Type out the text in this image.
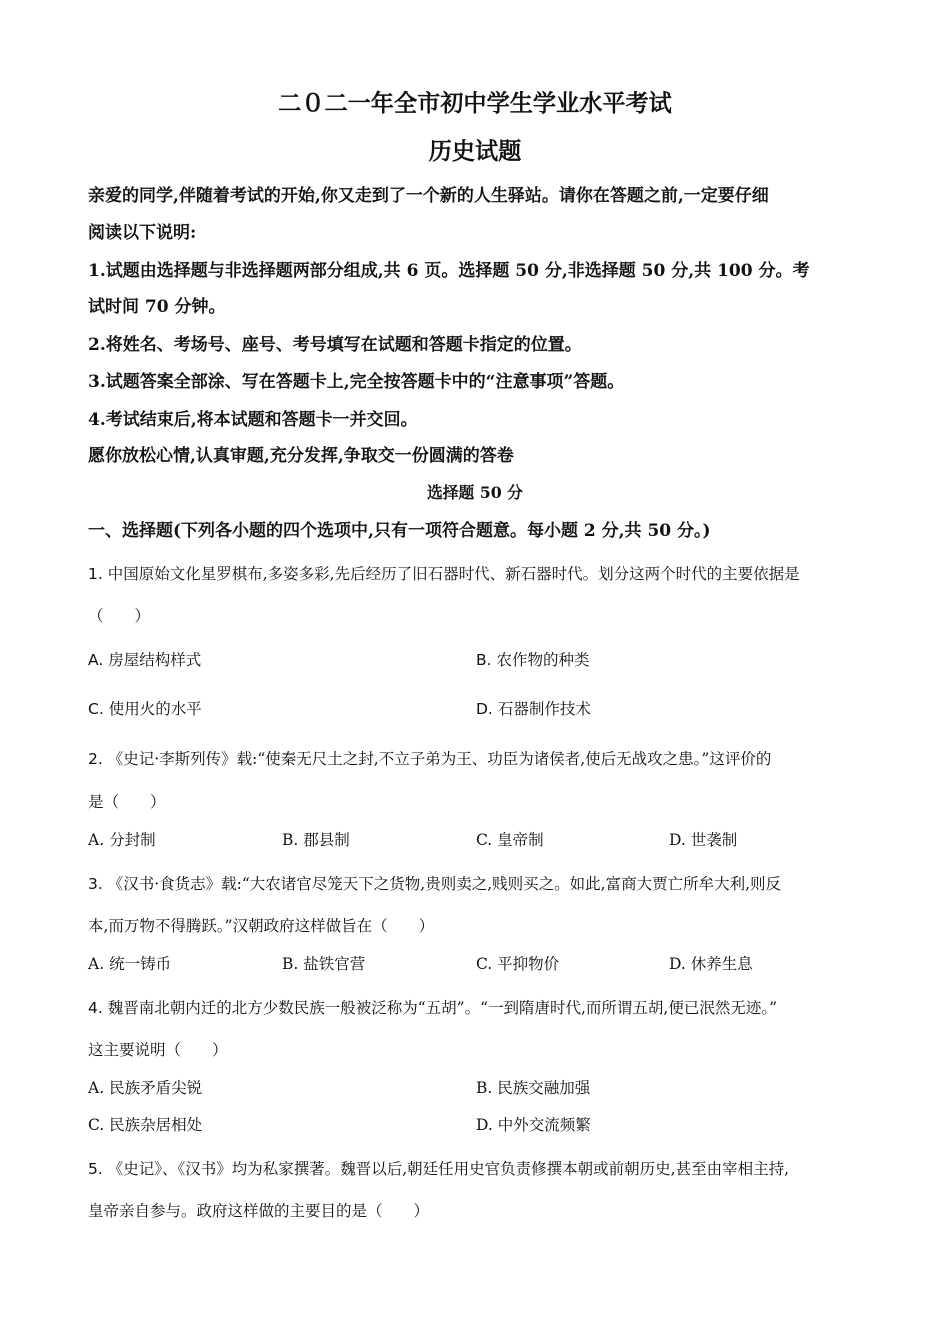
二０二一年全市初中学生学业水平考试
历史试题
亲爱的同学,伴随着考试的开始,你又走到了一个新的人生驿站。请你在答题之前,一定要仔细
阅读以下说明:
1.试题由选择题与非选择题两部分组成,共 6 页。选择题 50 分,非选择题 50 分,共 100 分。考
试时间 70 分钟。
2.将姓名、考场号、座号、考号填写在试题和答题卡指定的位置。
3.试题答案全部涂、写在答题卡上,完全按答题卡中的“注意事项”答题。
4.考试结束后,将本试题和答题卡一并交回。
愿你放松心情,认真审题,充分发挥,争取交一份圆满的答卷
选择题 50 分
一、选择题(下列各小题的四个选项中,只有一项符合题意。每小题 2 分,共 50 分。)
1. 中国原始文化星罗棋布,多姿多彩,先后经历了旧石器时代、新石器时代。划分这两个时代的主要依据是
（　　）
A. 房屋结构样式	B. 农作物的种类
C. 使用火的水平	D. 石器制作技术
2. 《史记·李斯列传》载:“使秦无尺土之封,不立子弟为王、功臣为诸侯者,使后无战攻之患。”这评价的
是（　　）
A. 分封制	B. 郡县制	C. 皇帝制	D. 世袭制
3. 《汉书·食货志》载:“大农诸官尽笼天下之货物,贵则卖之,贱则买之。如此,富商大贾亡所牟大利,则反
本,而万物不得腾跃。”汉朝政府这样做旨在（　　）
A. 统一铸币	B. 盐铁官营	C. 平抑物价	D. 休养生息
4. 魏晋南北朝内迁的北方少数民族一般被泛称为“五胡”。“一到隋唐时代,而所谓五胡,便已泯然无迹。”
这主要说明（　　）
A. 民族矛盾尖锐	B. 民族交融加强
C. 民族杂居相处	D. 中外交流频繁
5. 《史记》、《汉书》均为私家撰著。魏晋以后,朝廷任用史官负责修撰本朝或前朝历史,甚至由宰相主持,
皇帝亲自参与。政府这样做的主要目的是（　　）
